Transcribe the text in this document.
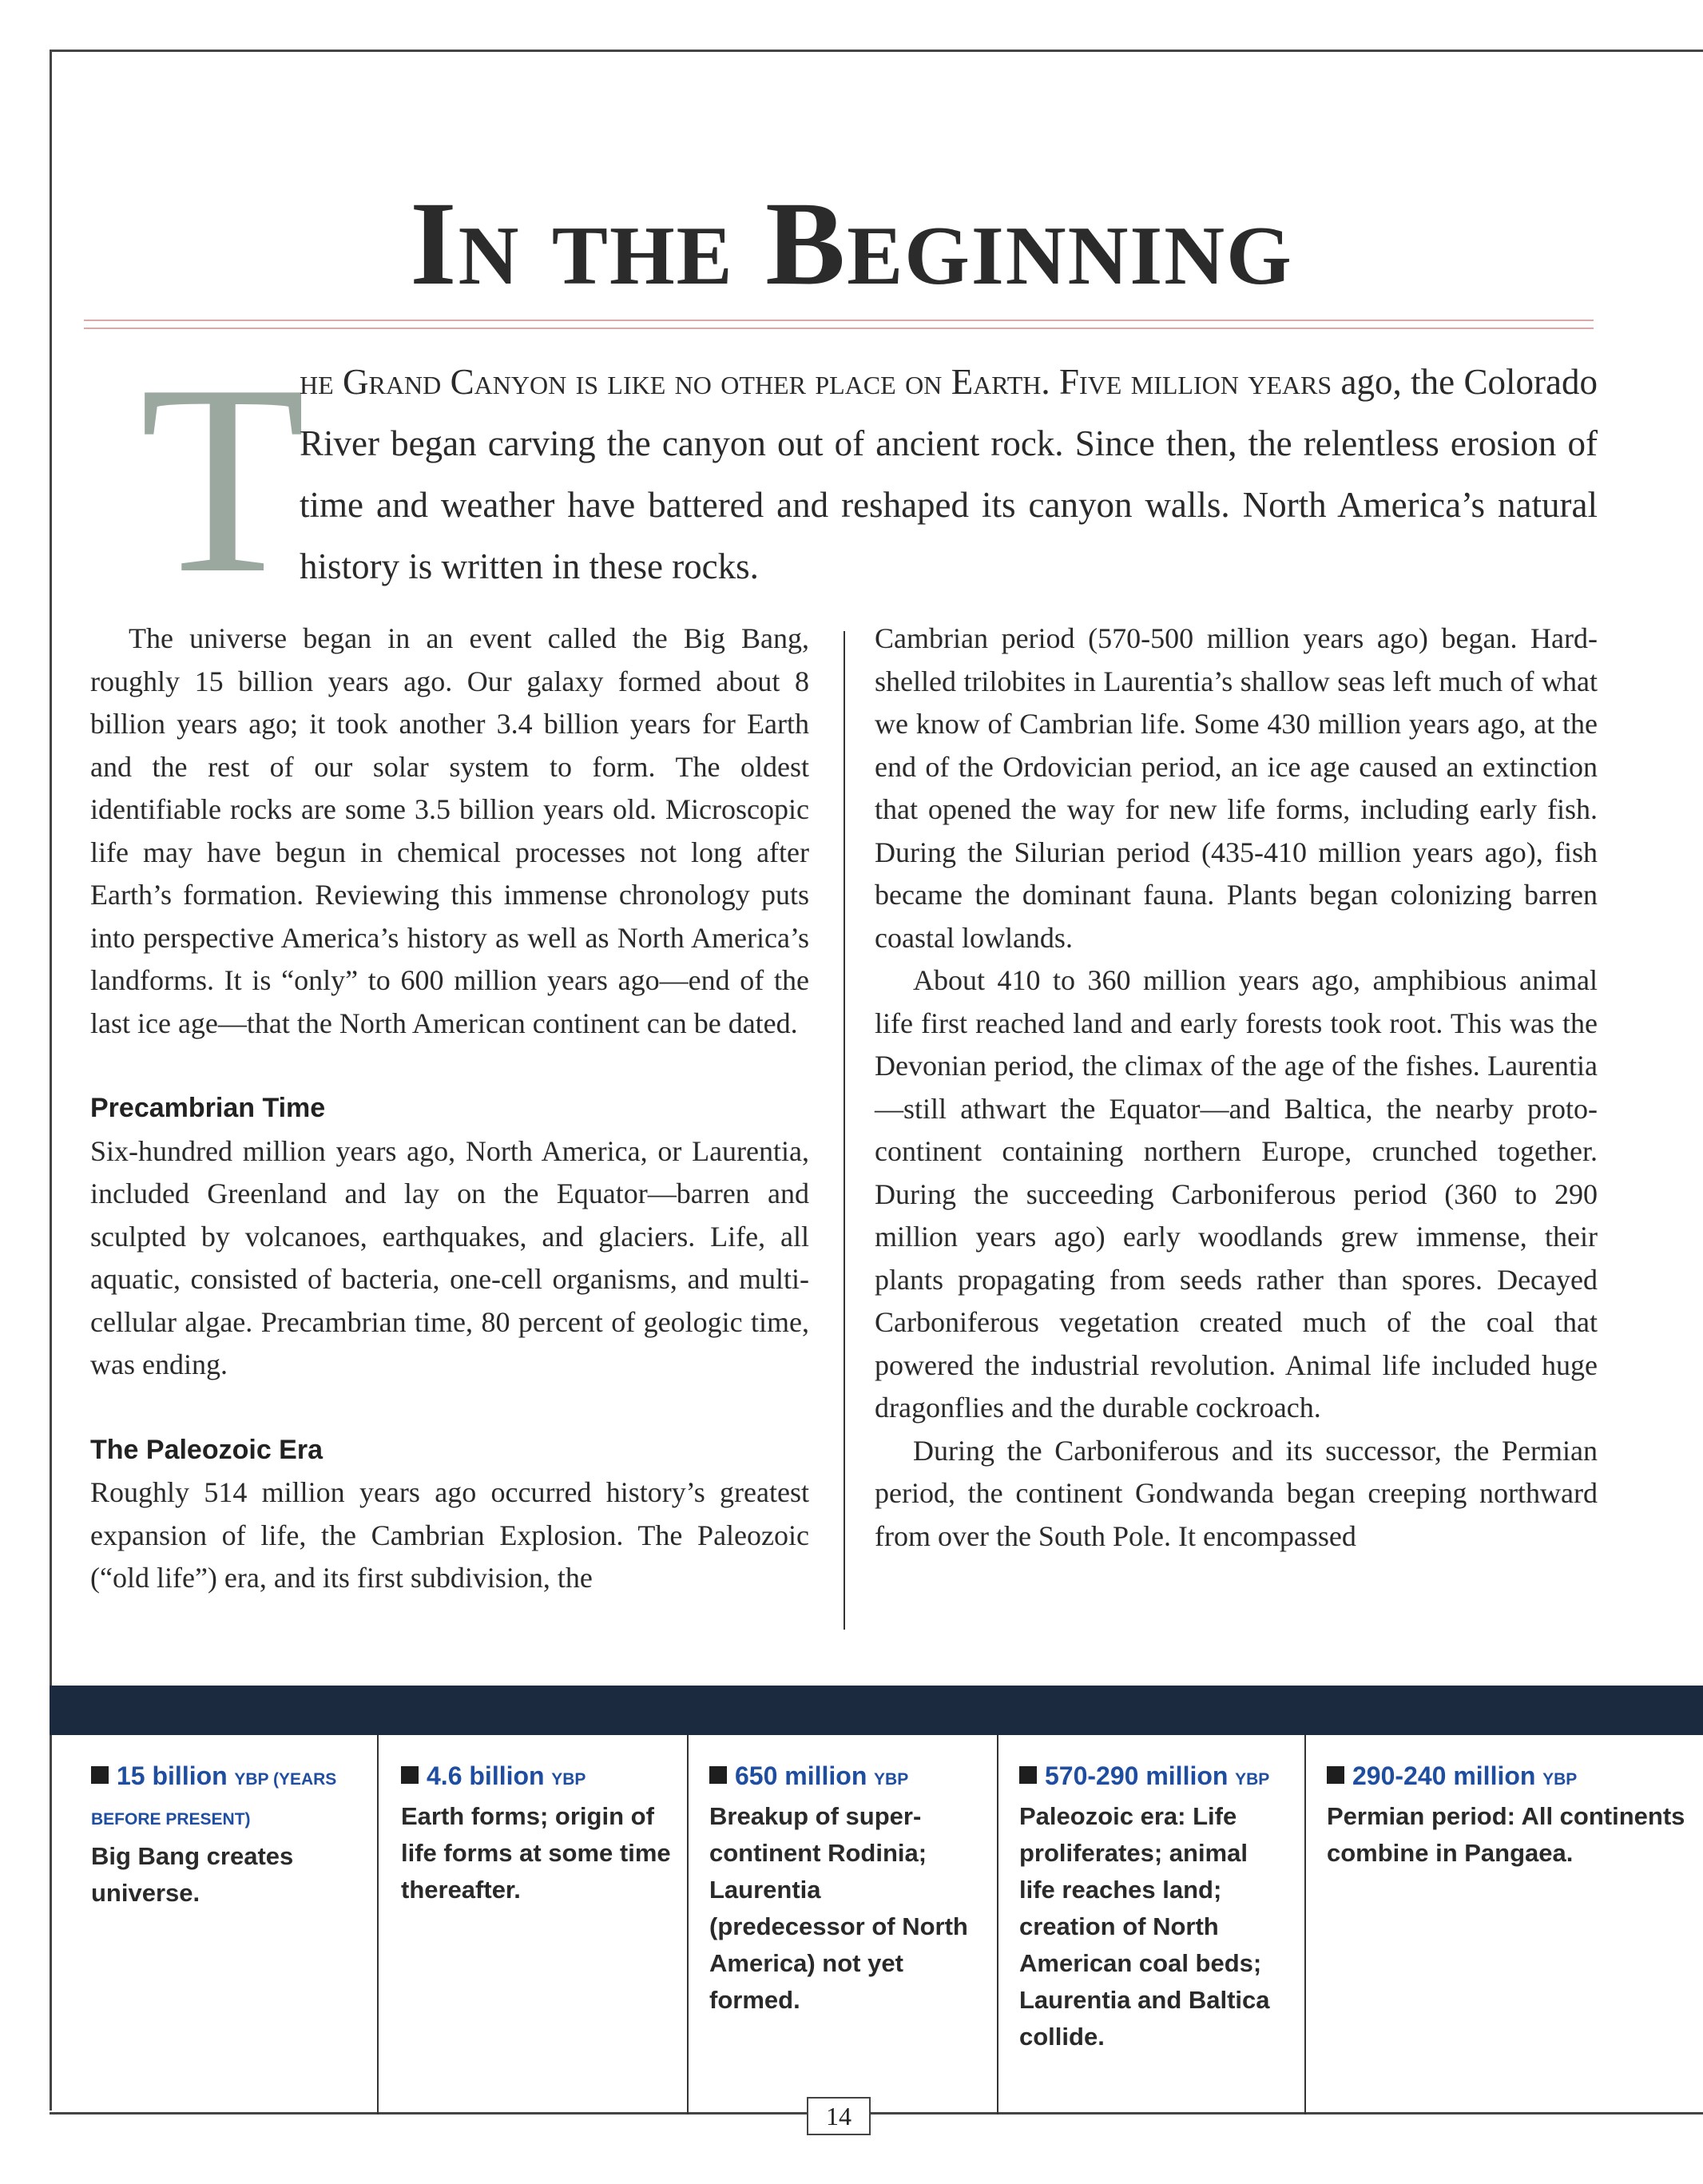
In the Beginning
T
he Grand Canyon is like no other place on Earth. Five million years ago, the Colorado River began carving the canyon out of ancient rock. Since then, the relentless erosion of time and weather have battered and reshaped its canyon walls. North America’s natural history is written in these rocks.

The universe began in an event called the Big Bang, roughly 15 billion years ago. Our galaxy formed about 8 billion years ago; it took another 3.4 billion years for Earth and the rest of our solar system to form. The oldest identifiable rocks are some 3.5 billion years old. Microscopic life may have begun in chemical processes not long after Earth’s formation. Reviewing this immense chronology puts into perspective America’s history as well as North America’s landforms. It is “only” to 600 million years ago—end of the last ice age—that the North American continent can be dated.

Precambrian Time

Six-hundred million years ago, North America, or Laurentia, included Greenland and lay on the Equator—barren and sculpted by volcanoes, earthquakes, and glaciers. Life, all aquatic, consisted of bacteria, one-cell organisms, and multi-cellular algae. Precambrian time, 80 percent of geologic time, was ending.

The Paleozoic Era

Roughly 514 million years ago occurred history’s greatest expansion of life, the Cambrian Explosion. The Paleozoic (“old life”) era, and its first subdivision, the

Cambrian period (570-500 million years ago) began. Hard-shelled trilobites in Laurentia’s shallow seas left much of what we know of Cambrian life. Some 430 million years ago, at the end of the Ordovician period, an ice age caused an extinction that opened the way for new life forms, including early fish. During the Silurian period (435-410 million years ago), fish became the dominant fauna. Plants began colonizing barren coastal lowlands.

About 410 to 360 million years ago, amphibious animal life first reached land and early forests took root. This was the Devonian period, the climax of the age of the fishes. Laurentia—still athwart the Equator—and Baltica, the nearby proto-continent containing northern Europe, crunched together. During the succeeding Carboniferous period (360 to 290 million years ago) early woodlands grew immense, their plants propagating from seeds rather than spores. Decayed Carboniferous vegetation created much of the coal that powered the industrial revolution. Animal life included huge dragonflies and the durable cockroach.

During the Carboniferous and its successor, the Permian period, the continent Gondwanda began creeping northward from over the South Pole. It encompassed

15 billion YBP (YEARS BEFORE PRESENT)
Big Bang creates universe.
4.6 billion YBP
Earth forms; origin of life forms at some time thereafter.
650 million YBP
Breakup of super-continent Rodinia; Laurentia (predecessor of North America) not yet formed.
570-290 million YBP
Paleozoic era: Life proliferates; animal life reaches land; creation of North American coal beds; Laurentia and Baltica collide.
290-240 million YBP
Permian period: All continents combine in Pangaea.
14
